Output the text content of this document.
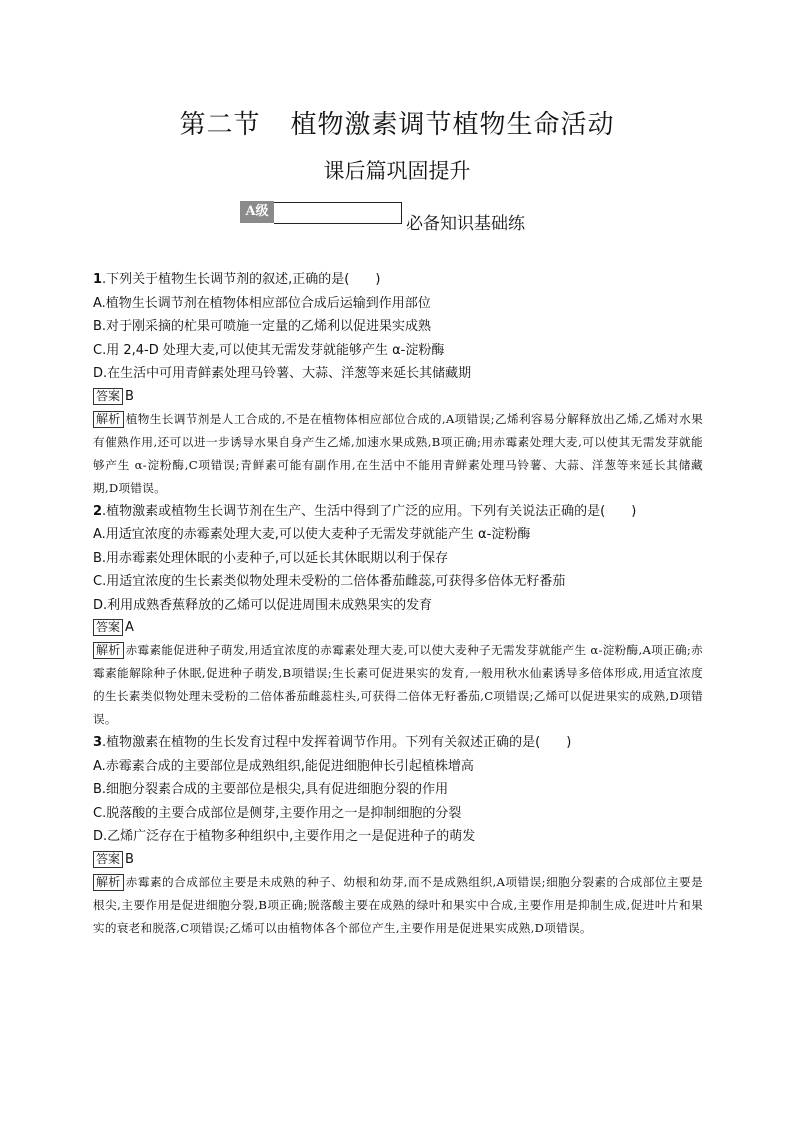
第二节 植物激素调节植物生命活动
课后篇巩固提升
A级
必备知识基础练
1.下列关于植物生长调节剂的叙述,正确的是(　　)
A.植物生长调节剂在植物体相应部位合成后运输到作用部位
B.对于刚采摘的杧果可喷施一定量的乙烯利以促进果实成熟
C.用 2,4-D 处理大麦,可以使其无需发芽就能够产生 α-淀粉酶
D.在生活中可用青鲜素处理马铃薯、大蒜、洋葱等来延长其储藏期
答案 B
解析 植物生长调节剂是人工合成的,不是在植物体相应部位合成的,A项错误;乙烯利容易分解释放出乙烯,乙烯对水果有催熟作用,还可以进一步诱导水果自身产生乙烯,加速水果成熟,B项正确;用赤霉素处理大麦,可以使其无需发芽就能够产生 α-淀粉酶,C项错误;青鲜素可能有副作用,在生活中不能用青鲜素处理马铃薯、大蒜、洋葱等来延长其储藏期,D项错误。
2.植物激素或植物生长调节剂在生产、生活中得到了广泛的应用。下列有关说法正确的是(　　)
A.用适宜浓度的赤霉素处理大麦,可以使大麦种子无需发芽就能产生 α-淀粉酶
B.用赤霉素处理休眠的小麦种子,可以延长其休眠期以利于保存
C.用适宜浓度的生长素类似物处理未受粉的二倍体番茄雌蕊,可获得多倍体无籽番茄
D.利用成熟香蕉释放的乙烯可以促进周围未成熟果实的发育
答案 A
解析 赤霉素能促进种子萌发,用适宜浓度的赤霉素处理大麦,可以使大麦种子无需发芽就能产生 α-淀粉酶,A项正确;赤霉素能解除种子休眠,促进种子萌发,B项错误;生长素可促进果实的发育,一般用秋水仙素诱导多倍体形成,用适宜浓度的生长素类似物处理未受粉的二倍体番茄雌蕊柱头,可获得二倍体无籽番茄,C项错误;乙烯可以促进果实的成熟,D项错误。
3.植物激素在植物的生长发育过程中发挥着调节作用。下列有关叙述正确的是(　　)
A.赤霉素合成的主要部位是成熟组织,能促进细胞伸长引起植株增高
B.细胞分裂素合成的主要部位是根尖,具有促进细胞分裂的作用
C.脱落酸的主要合成部位是侧芽,主要作用之一是抑制细胞的分裂
D.乙烯广泛存在于植物多种组织中,主要作用之一是促进种子的萌发
答案 B
解析 赤霉素的合成部位主要是未成熟的种子、幼根和幼芽,而不是成熟组织,A项错误;细胞分裂素的合成部位主要是根尖,主要作用是促进细胞分裂,B项正确;脱落酸主要在成熟的绿叶和果实中合成,主要作用是抑制生成,促进叶片和果实的衰老和脱落,C项错误;乙烯可以由植物体各个部位产生,主要作用是促进果实成熟,D项错误。
